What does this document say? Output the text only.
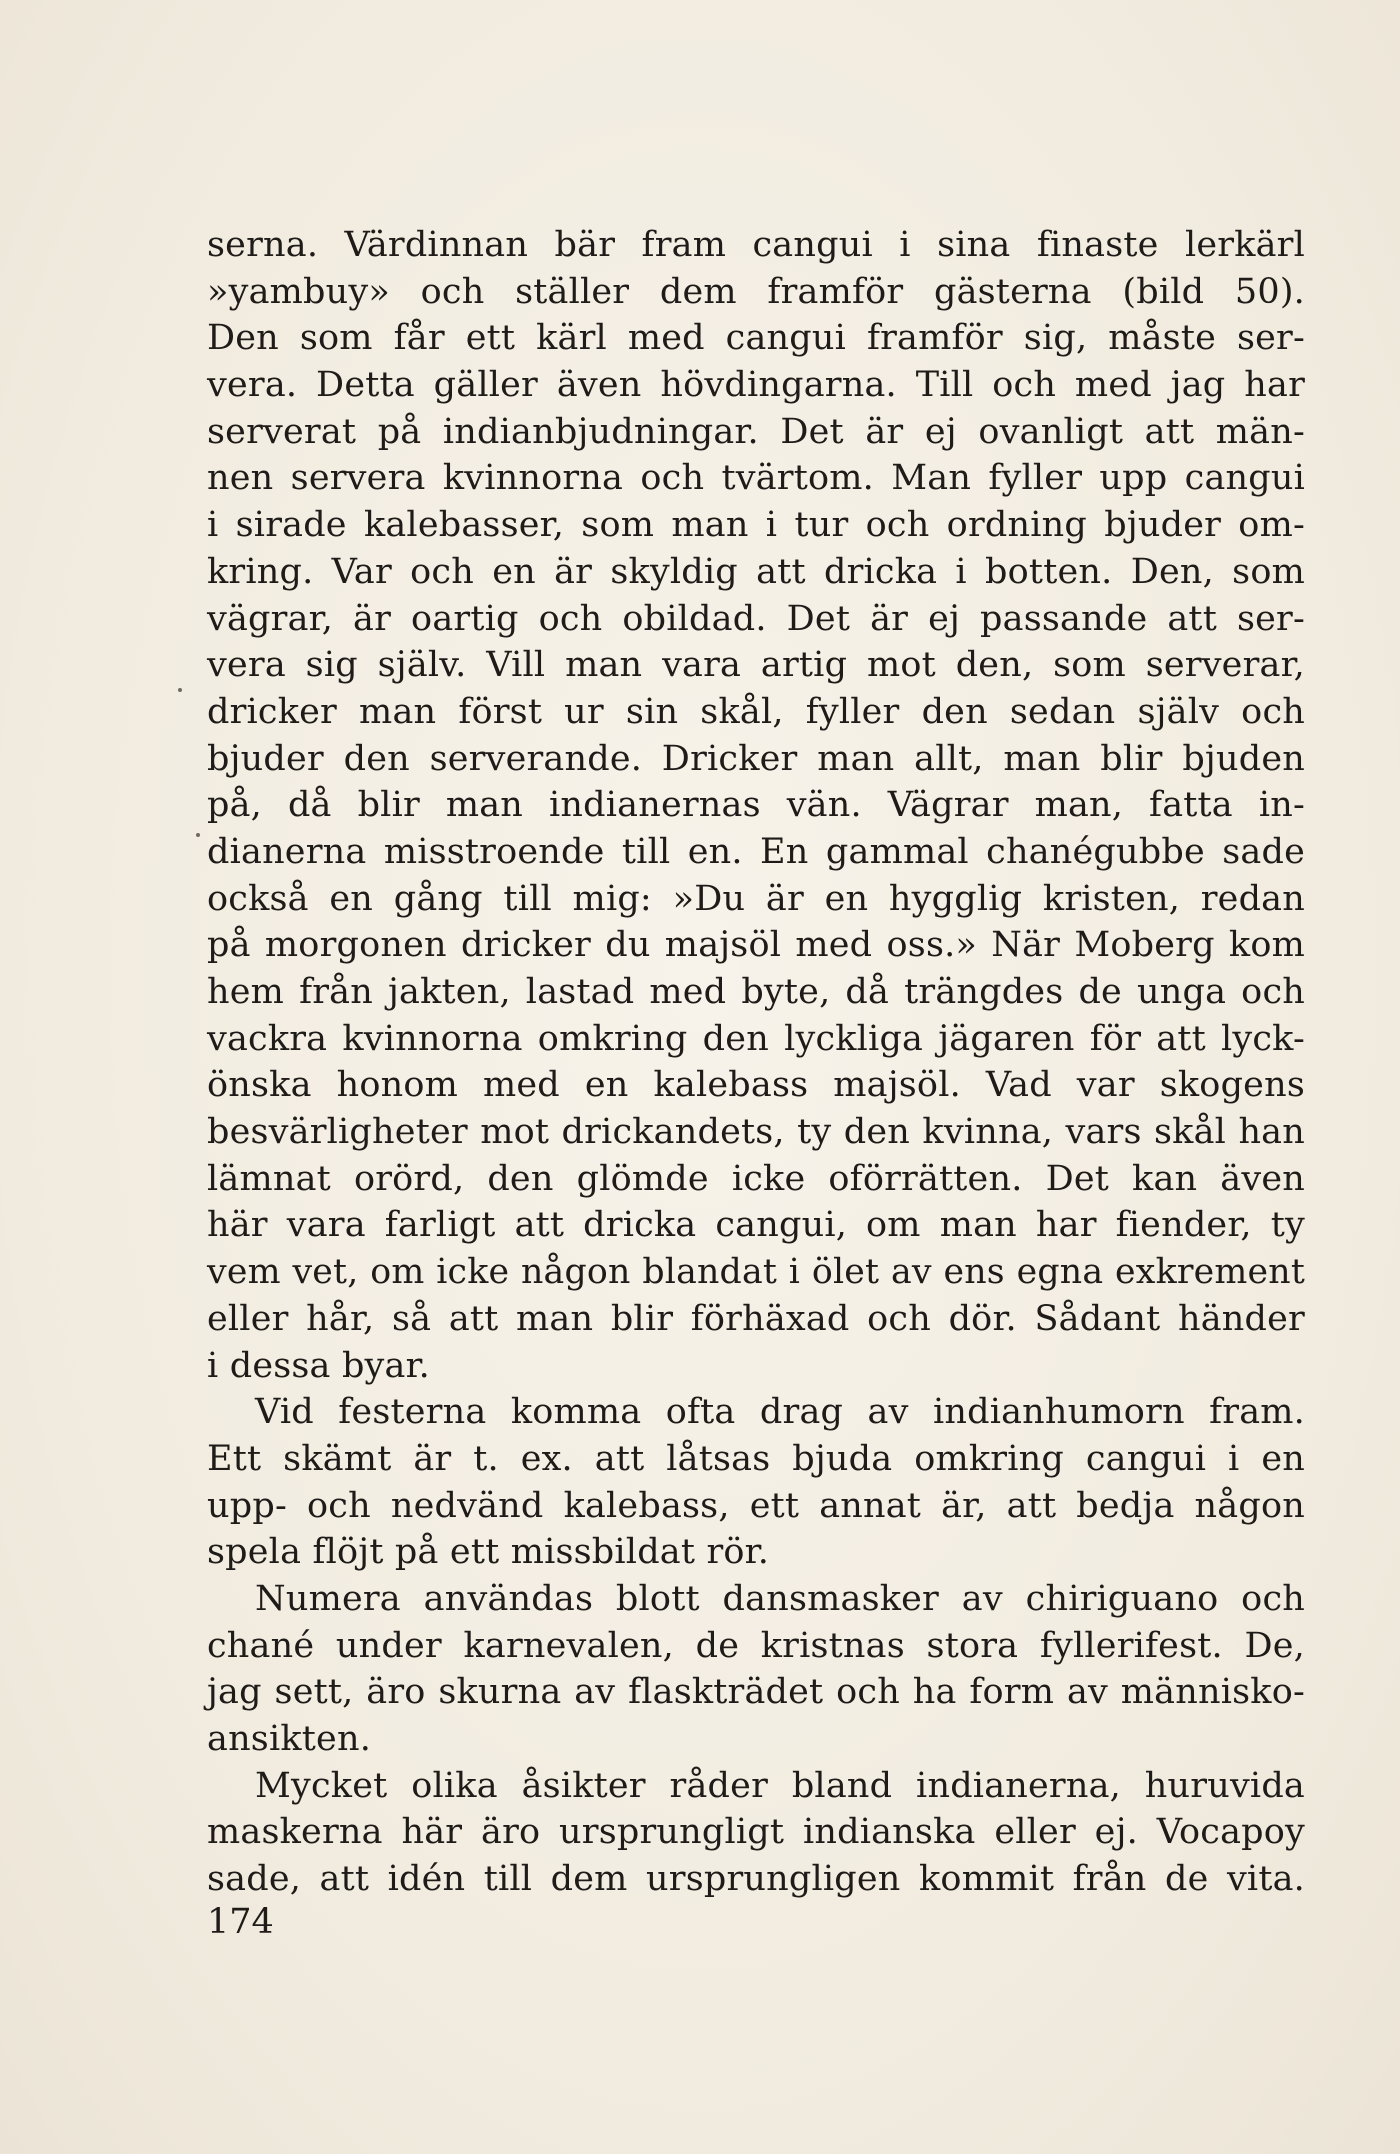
serna. Värdinnan bär fram cangui i sina finaste lerkärl
»yambuy» och ställer dem framför gästerna (bild 50).
Den som får ett kärl med cangui framför sig, måste ser-
vera. Detta gäller även hövdingarna. Till och med jag har
serverat på indianbjudningar. Det är ej ovanligt att män-
nen servera kvinnorna och tvärtom. Man fyller upp cangui
i sirade kalebasser, som man i tur och ordning bjuder om-
kring. Var och en är skyldig att dricka i botten. Den, som
vägrar, är oartig och obildad. Det är ej passande att ser-
vera sig själv. Vill man vara artig mot den, som serverar,
dricker man först ur sin skål, fyller den sedan själv och
bjuder den serverande. Dricker man allt, man blir bjuden
på, då blir man indianernas vän. Vägrar man, fatta in-
dianerna misstroende till en. En gammal chanégubbe sade
också en gång till mig: »Du är en hygglig kristen, redan
på morgonen dricker du majsöl med oss.» När Moberg kom
hem från jakten, lastad med byte, då trängdes de unga och
vackra kvinnorna omkring den lyckliga jägaren för att lyck-
önska honom med en kalebass majsöl. Vad var skogens
besvärligheter mot drickandets, ty den kvinna, vars skål han
lämnat orörd, den glömde icke oförrätten. Det kan även
här vara farligt att dricka cangui, om man har fiender, ty
vem vet, om icke någon blandat i ölet av ens egna exkrement
eller hår, så att man blir förhäxad och dör. Sådant händer
i dessa byar.
Vid festerna komma ofta drag av indianhumorn fram.
Ett skämt är t. ex. att låtsas bjuda omkring cangui i en
upp- och nedvänd kalebass, ett annat är, att bedja någon
spela flöjt på ett missbildat rör.
Numera användas blott dansmasker av chiriguano och
chané under karnevalen, de kristnas stora fyllerifest. De,
jag sett, äro skurna av flaskträdet och ha form av människo-
ansikten.
Mycket olika åsikter råder bland indianerna, huruvida
maskerna här äro ursprungligt indianska eller ej. Vocapoy
sade, att idén till dem ursprungligen kommit från de vita.
174
